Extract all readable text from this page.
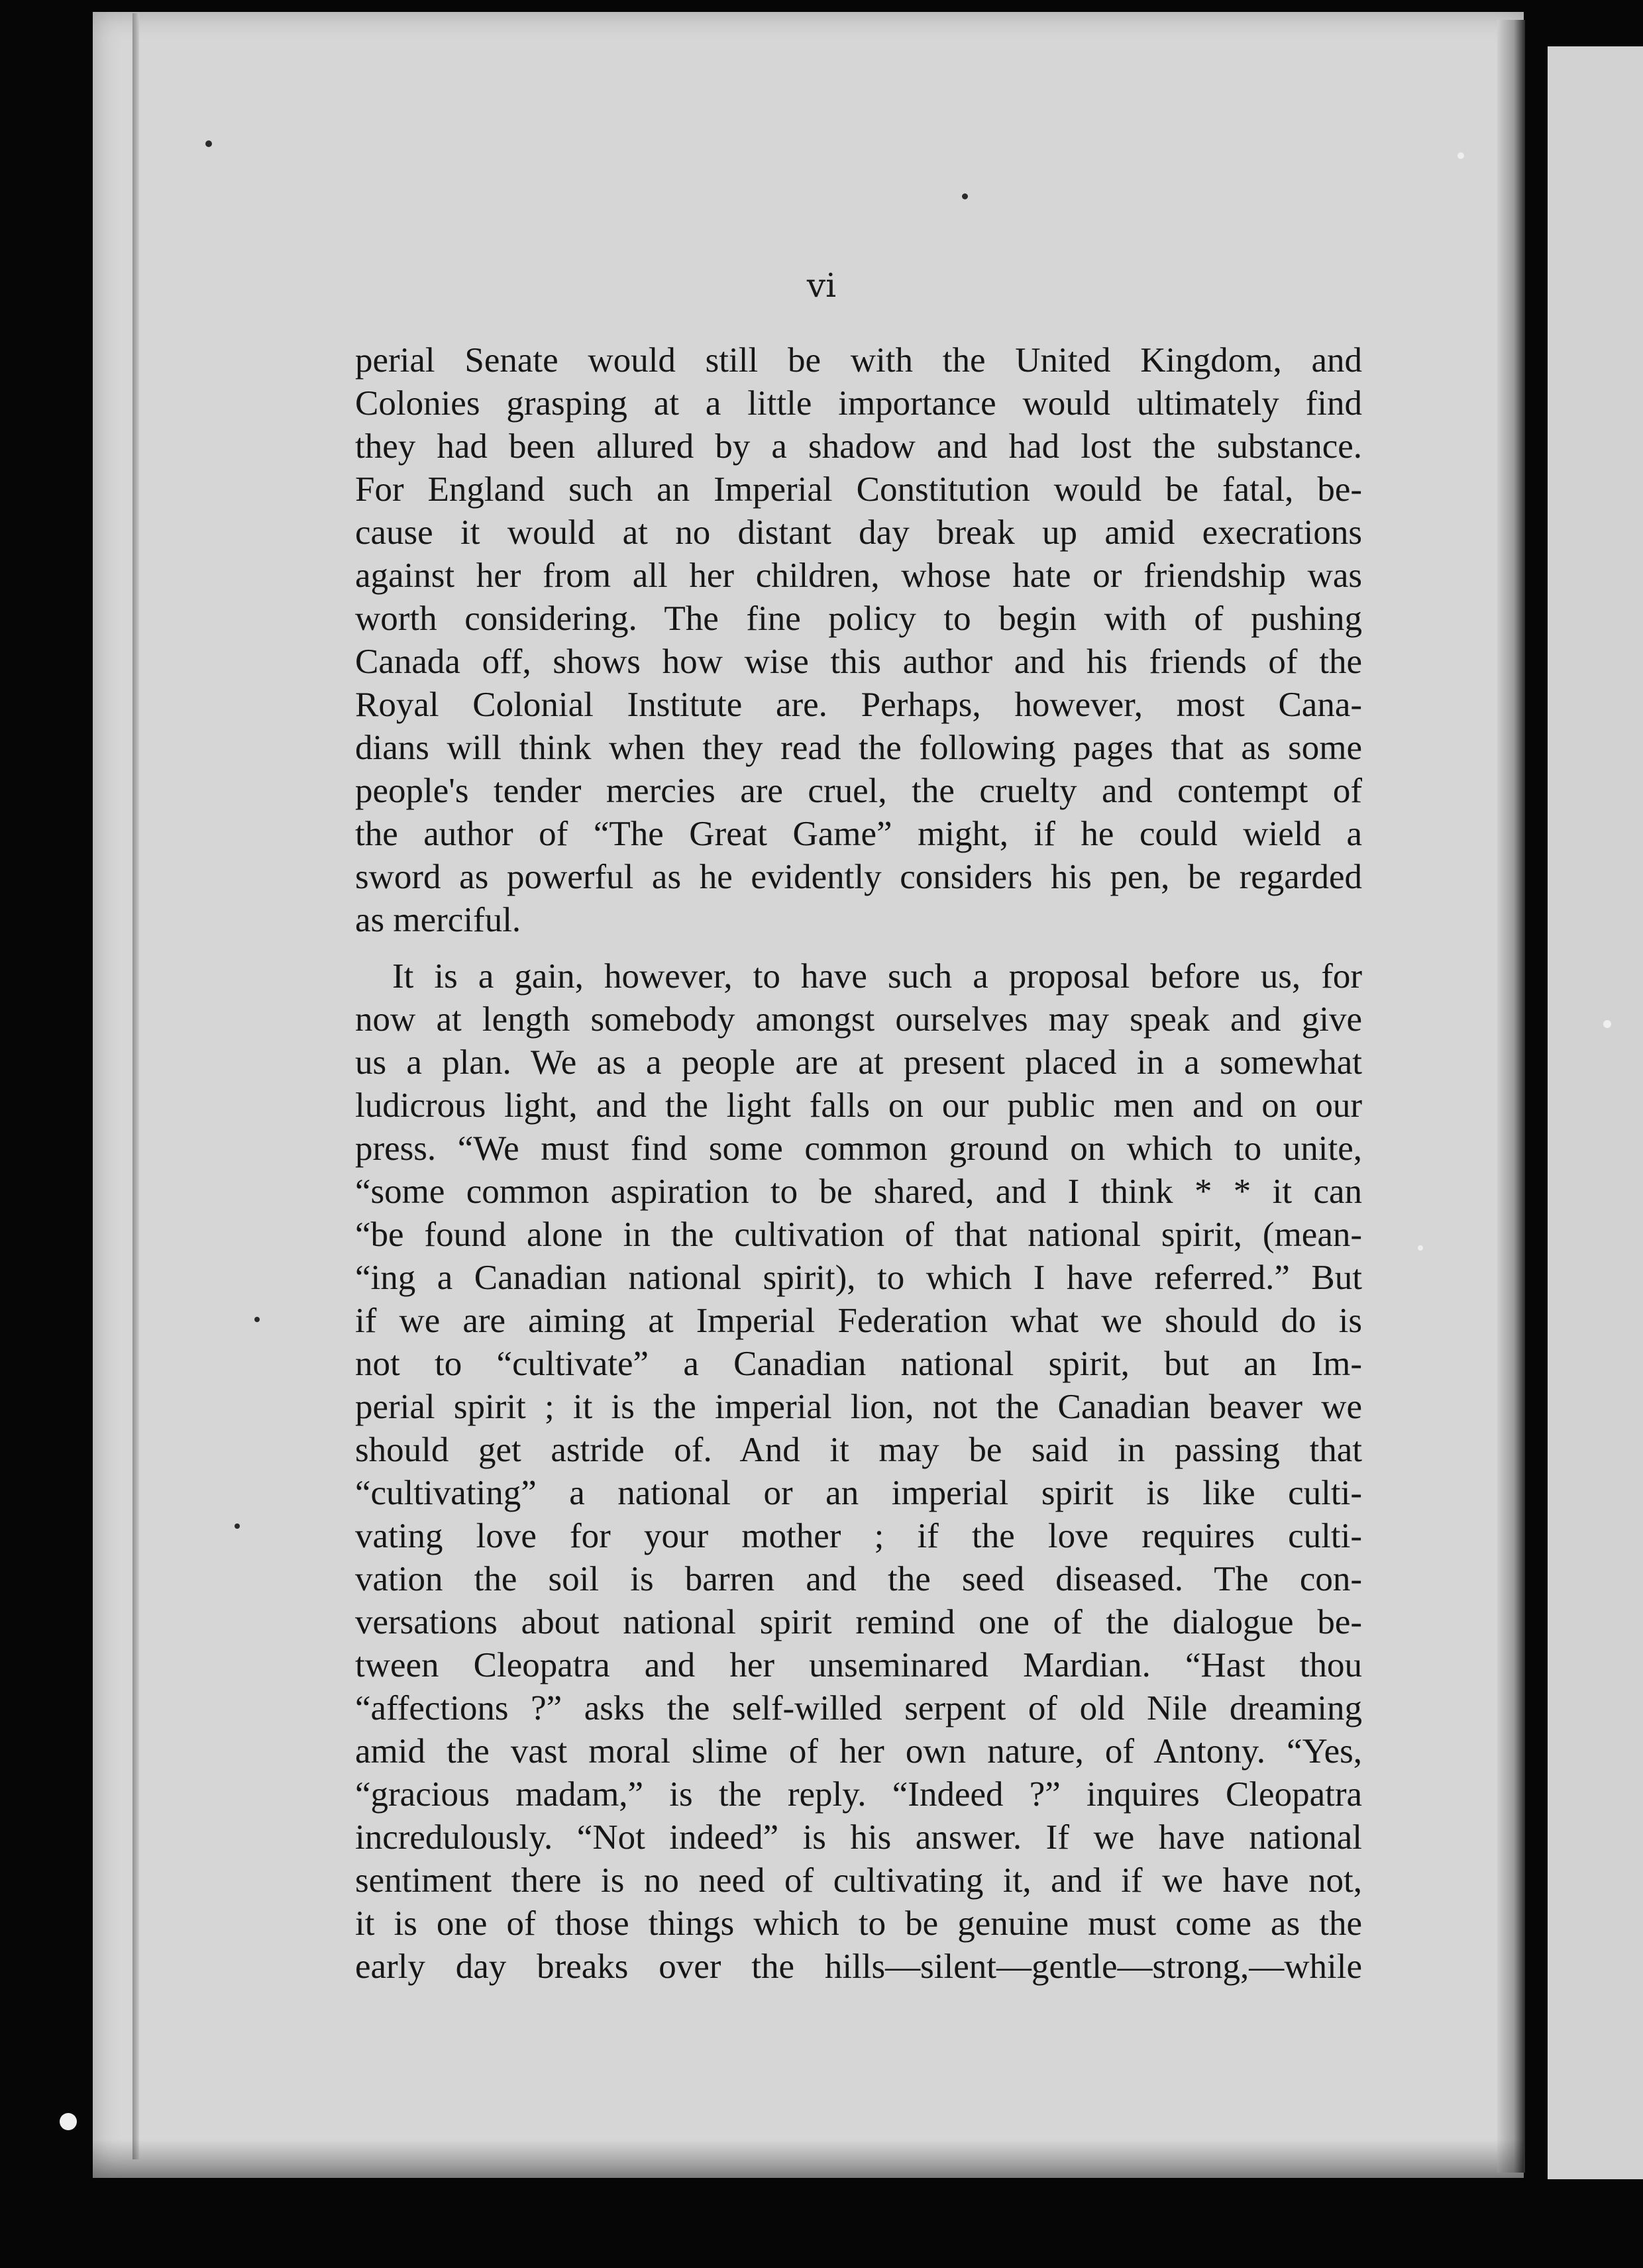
vi
perial Senate would still be with the United Kingdom, and
Colonies grasping at a little importance would ultimately find
they had been allured by a shadow and had lost the substance.
For England such an Imperial Constitution would be fatal, be-
cause it would at no distant day break up amid execrations
against her from all her children, whose hate or friendship was
worth considering. The fine policy to begin with of pushing
Canada off, shows how wise this author and his friends of the
Royal Colonial Institute are. Perhaps, however, most Cana-
dians will think when they read the following pages that as some
people's tender mercies are cruel, the cruelty and contempt of
the author of “The Great Game” might, if he could wield a
sword as powerful as he evidently considers his pen, be regarded
as merciful.
It is a gain, however, to have such a proposal before us, for
now at length somebody amongst ourselves may speak and give
us a plan. We as a people are at present placed in a somewhat
ludicrous light, and the light falls on our public men and on our
press. “We must find some common ground on which to unite,
“some common aspiration to be shared, and I think * * it can
“be found alone in the cultivation of that national spirit, (mean-
“ing a Canadian national spirit), to which I have referred.” But
if we are aiming at Imperial Federation what we should do is
not to “cultivate” a Canadian national spirit, but an Im-
perial spirit ; it is the imperial lion, not the Canadian beaver we
should get astride of. And it may be said in passing that
“cultivating” a national or an imperial spirit is like culti-
vating love for your mother ; if the love requires culti-
vation the soil is barren and the seed diseased. The con-
versations about national spirit remind one of the dialogue be-
tween Cleopatra and her unseminared Mardian. “Hast thou
“affections ?” asks the self-willed serpent of old Nile dreaming
amid the vast moral slime of her own nature, of Antony. “Yes,
“gracious madam,” is the reply. “Indeed ?” inquires Cleopatra
incredulously. “Not indeed” is his answer. If we have national
sentiment there is no need of cultivating it, and if we have not,
it is one of those things which to be genuine must come as the
early day breaks over the hills—silent—gentle—strong,—while
